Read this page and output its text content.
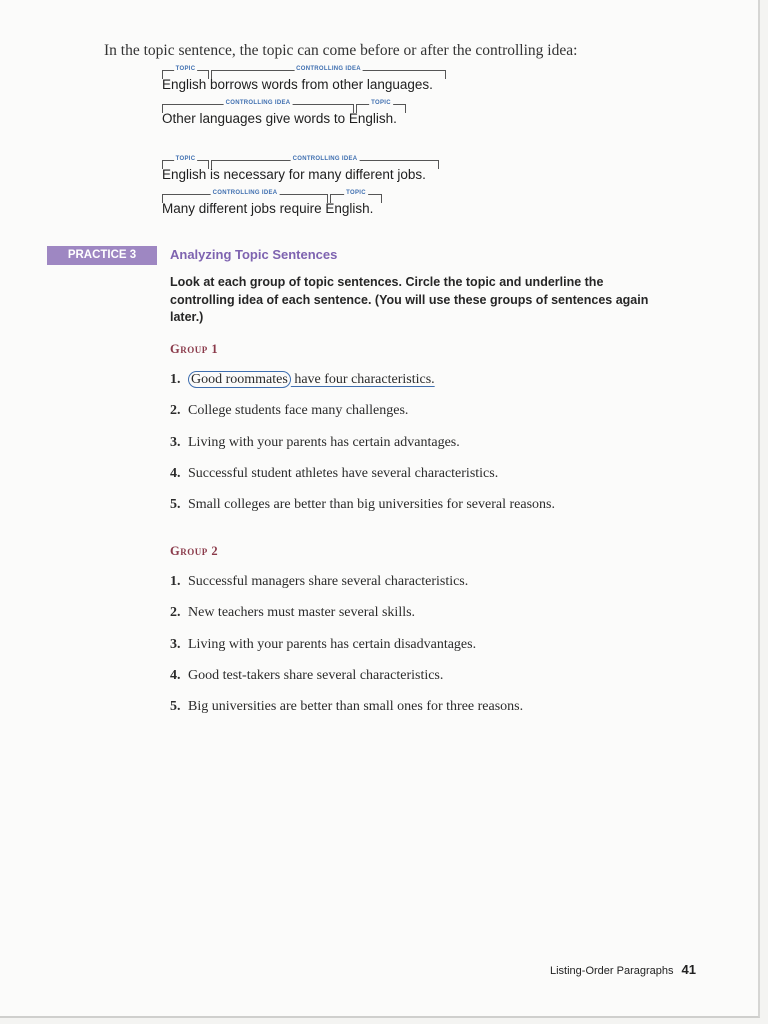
In the topic sentence, the topic can come before or after the controlling idea:
TOPIC	CONTROLLING IDEA
English borrows words from other languages.
CONTROLLING IDEA	TOPIC
Other languages give words to English.
TOPIC	CONTROLLING IDEA
English is necessary for many different jobs.
CONTROLLING IDEA	TOPIC
Many different jobs require English.
PRACTICE 3	Analyzing Topic Sentences
Look at each group of topic sentences. Circle the topic and underline the controlling idea of each sentence. (You will use these groups of sentences again later.)
Group 1
1. Good roommates have four characteristics.
2. College students face many challenges.
3. Living with your parents has certain advantages.
4. Successful student athletes have several characteristics.
5. Small colleges are better than big universities for several reasons.
Group 2
1. Successful managers share several characteristics.
2. New teachers must master several skills.
3. Living with your parents has certain disadvantages.
4. Good test-takers share several characteristics.
5. Big universities are better than small ones for three reasons.
Listing-Order Paragraphs 41
